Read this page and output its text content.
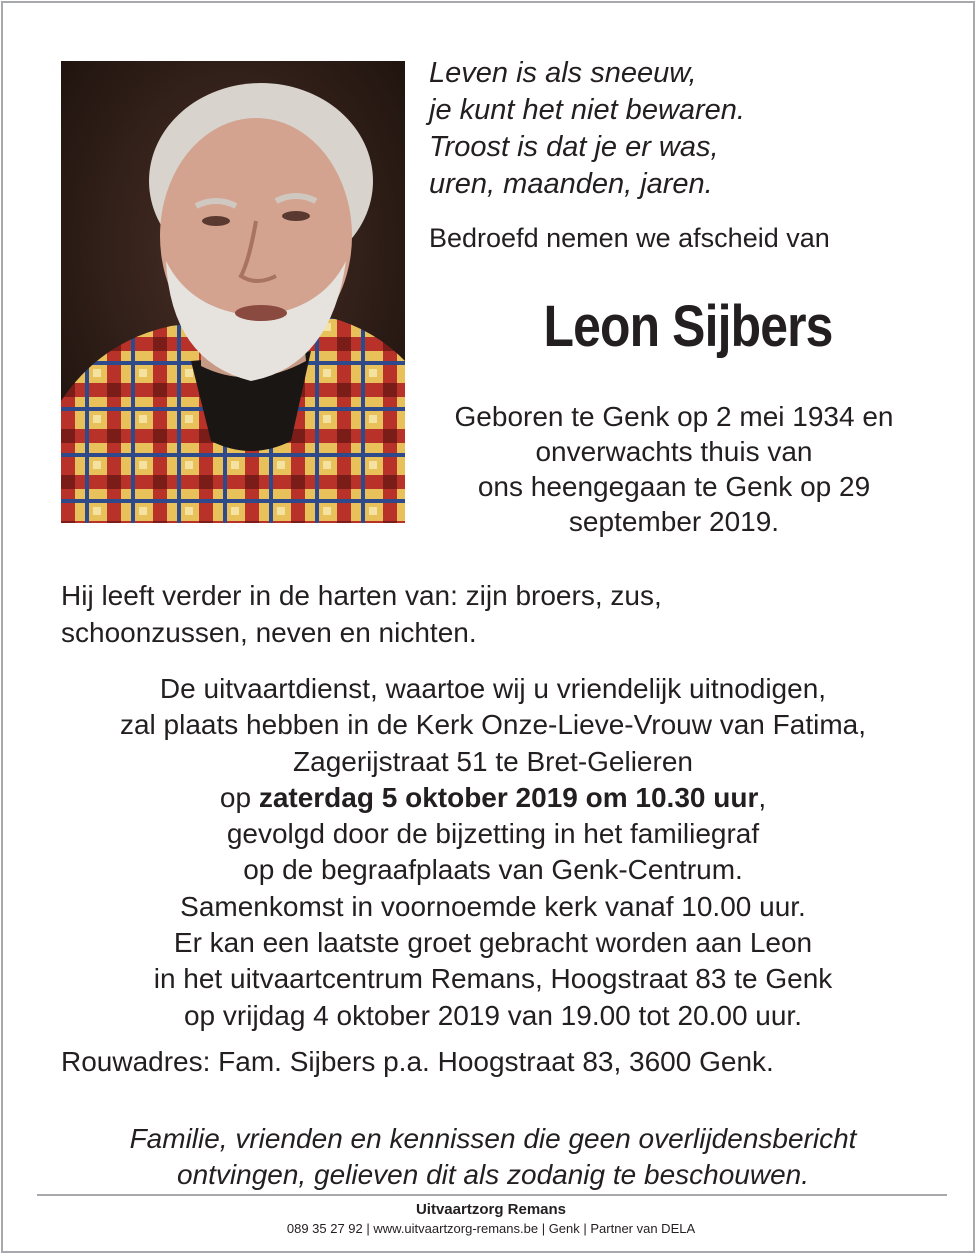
Leven is als sneeuw,
je kunt het niet bewaren.
Troost is dat je er was,
uren, maanden, jaren.
Bedroefd nemen we afscheid van
Leon Sijbers
Geboren te Genk op 2 mei 1934 en
onverwachts thuis van
ons heengegaan te Genk op 29
september 2019.
Hij leeft verder in de harten van: zijn broers, zus,
schoonzussen, neven en nichten.
De uitvaartdienst, waartoe wij u vriendelijk uitnodigen,
zal plaats hebben in de Kerk Onze-Lieve-Vrouw van Fatima,
Zagerijstraat 51 te Bret-Gelieren
op zaterdag 5 oktober 2019 om 10.30 uur,
gevolgd door de bijzetting in het familiegraf
op de begraafplaats van Genk-Centrum.
Samenkomst in voornoemde kerk vanaf 10.00 uur.
Er kan een laatste groet gebracht worden aan Leon
in het uitvaartcentrum Remans, Hoogstraat 83 te Genk
op vrijdag 4 oktober 2019 van 19.00 tot 20.00 uur.
Rouwadres: Fam. Sijbers p.a. Hoogstraat 83, 3600 Genk.
Familie, vrienden en kennissen die geen overlijdensbericht
ontvingen, gelieven dit als zodanig te beschouwen.
Uitvaartzorg Remans
089 35 27 92 | www.uitvaartzorg-remans.be | Genk | Partner van DELA
